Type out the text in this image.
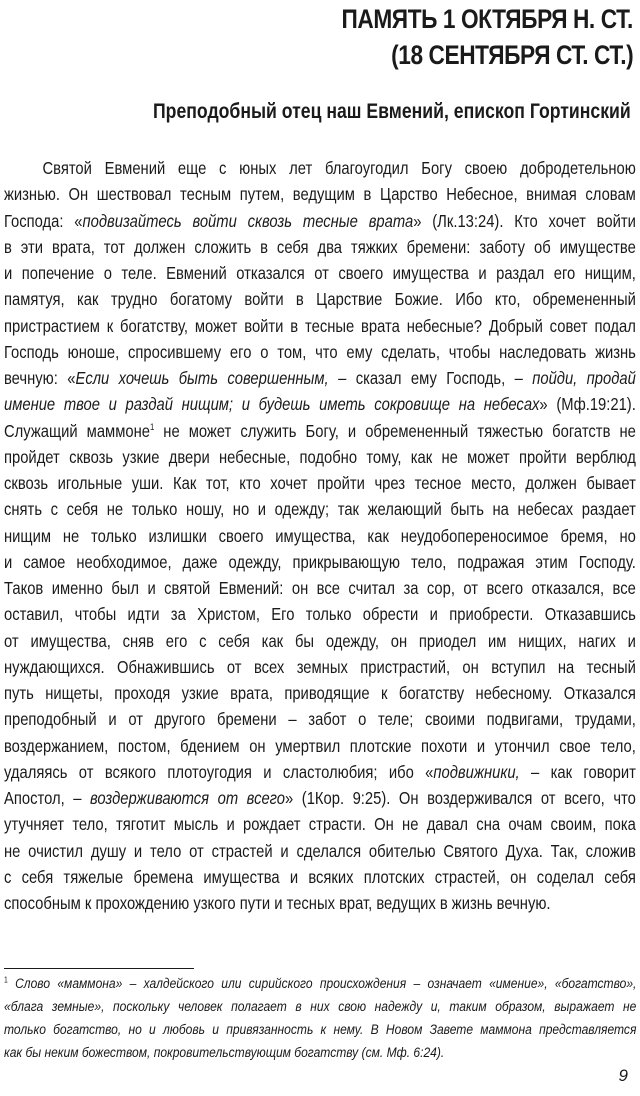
ПАМЯТЬ 1 ОКТЯБРЯ Н. СТ.
(18 СЕНТЯБРЯ СТ. СТ.)
Преподобный отец наш Евмений, епископ Гортинский
Святой Евмений еще с юных лет благоугодил Богу своею добродетельною
жизнью. Он шествовал тесным путем, ведущим в Царство Небесное, внимая словам
Господа: «подвизайтесь войти сквозь тесные врата» (Лк.13:24). Кто хочет войти
в эти врата, тот должен сложить в себя два тяжких бремени: заботу об имуществе
и попечение о теле. Евмений отказался от своего имущества и раздал его нищим,
памятуя, как трудно богатому войти в Царствие Божие. Ибо кто, обремененный
пристрастием к богатству, может войти в тесные врата небесные? Добрый совет подал
Господь юноше, спросившему его о том, что ему сделать, чтобы наследовать жизнь
вечную: «Если хочешь быть совершенным, – сказал ему Господь, – пойди, продай
имение твое и раздай нищим; и будешь иметь сокровище на небесах» (Мф.19:21).
Служащий маммоне$^1$ не может служить Богу, и обремененный тяжестью богатств не
пройдет сквозь узкие двери небесные, подобно тому, как не может пройти верблюд
сквозь игольные уши. Как тот, кто хочет пройти чрез тесное место, должен бывает
снять с себя не только ношу, но и одежду; так желающий быть на небесах раздает
нищим не только излишки своего имущества, как неудобопереносимое бремя, но
и самое необходимое, даже одежду, прикрывающую тело, подражая этим Господу.
Таков именно был и святой Евмений: он все считал за сор, от всего отказался, все
оставил, чтобы идти за Христом, Его только обрести и приобрести. Отказавшись
от имущества, сняв его с себя как бы одежду, он приодел им нищих, нагих и
нуждающихся. Обнажившись от всех земных пристрастий, он вступил на тесный
путь нищеты, проходя узкие врата, приводящие к богатству небесному. Отказался
преподобный и от другого бремени – забот о теле; своими подвигами, трудами,
воздержанием, постом, бдением он умертвил плотские похоти и утончил свое тело,
удаляясь от всякого плотоугодия и сластолюбия; ибо «подвижники, – как говорит
Апостол, – воздерживаются от всего» (1Кор. 9:25). Он воздерживался от всего, что
утучняет тело, тяготит мысль и рождает страсти. Он не давал сна очам своим, пока
не очистил душу и тело от страстей и сделался обителью Святого Духа. Так, сложив
с себя тяжелые бремена имущества и всяких плотских страстей, он соделал себя
способным к прохождению узкого пути и тесных врат, ведущих в жизнь вечную.
$^1$ Слово «маммона» – халдейского или сирийского происхождения – означает «имение», «богатство»,
«блага земные», поскольку человек полагает в них свою надежду и, таким образом, выражает не
только богатство, но и любовь и привязанность к нему. В Новом Завете маммона представляется
как бы неким божеством, покровительствующим богатству (см. Мф. 6:24).
9
